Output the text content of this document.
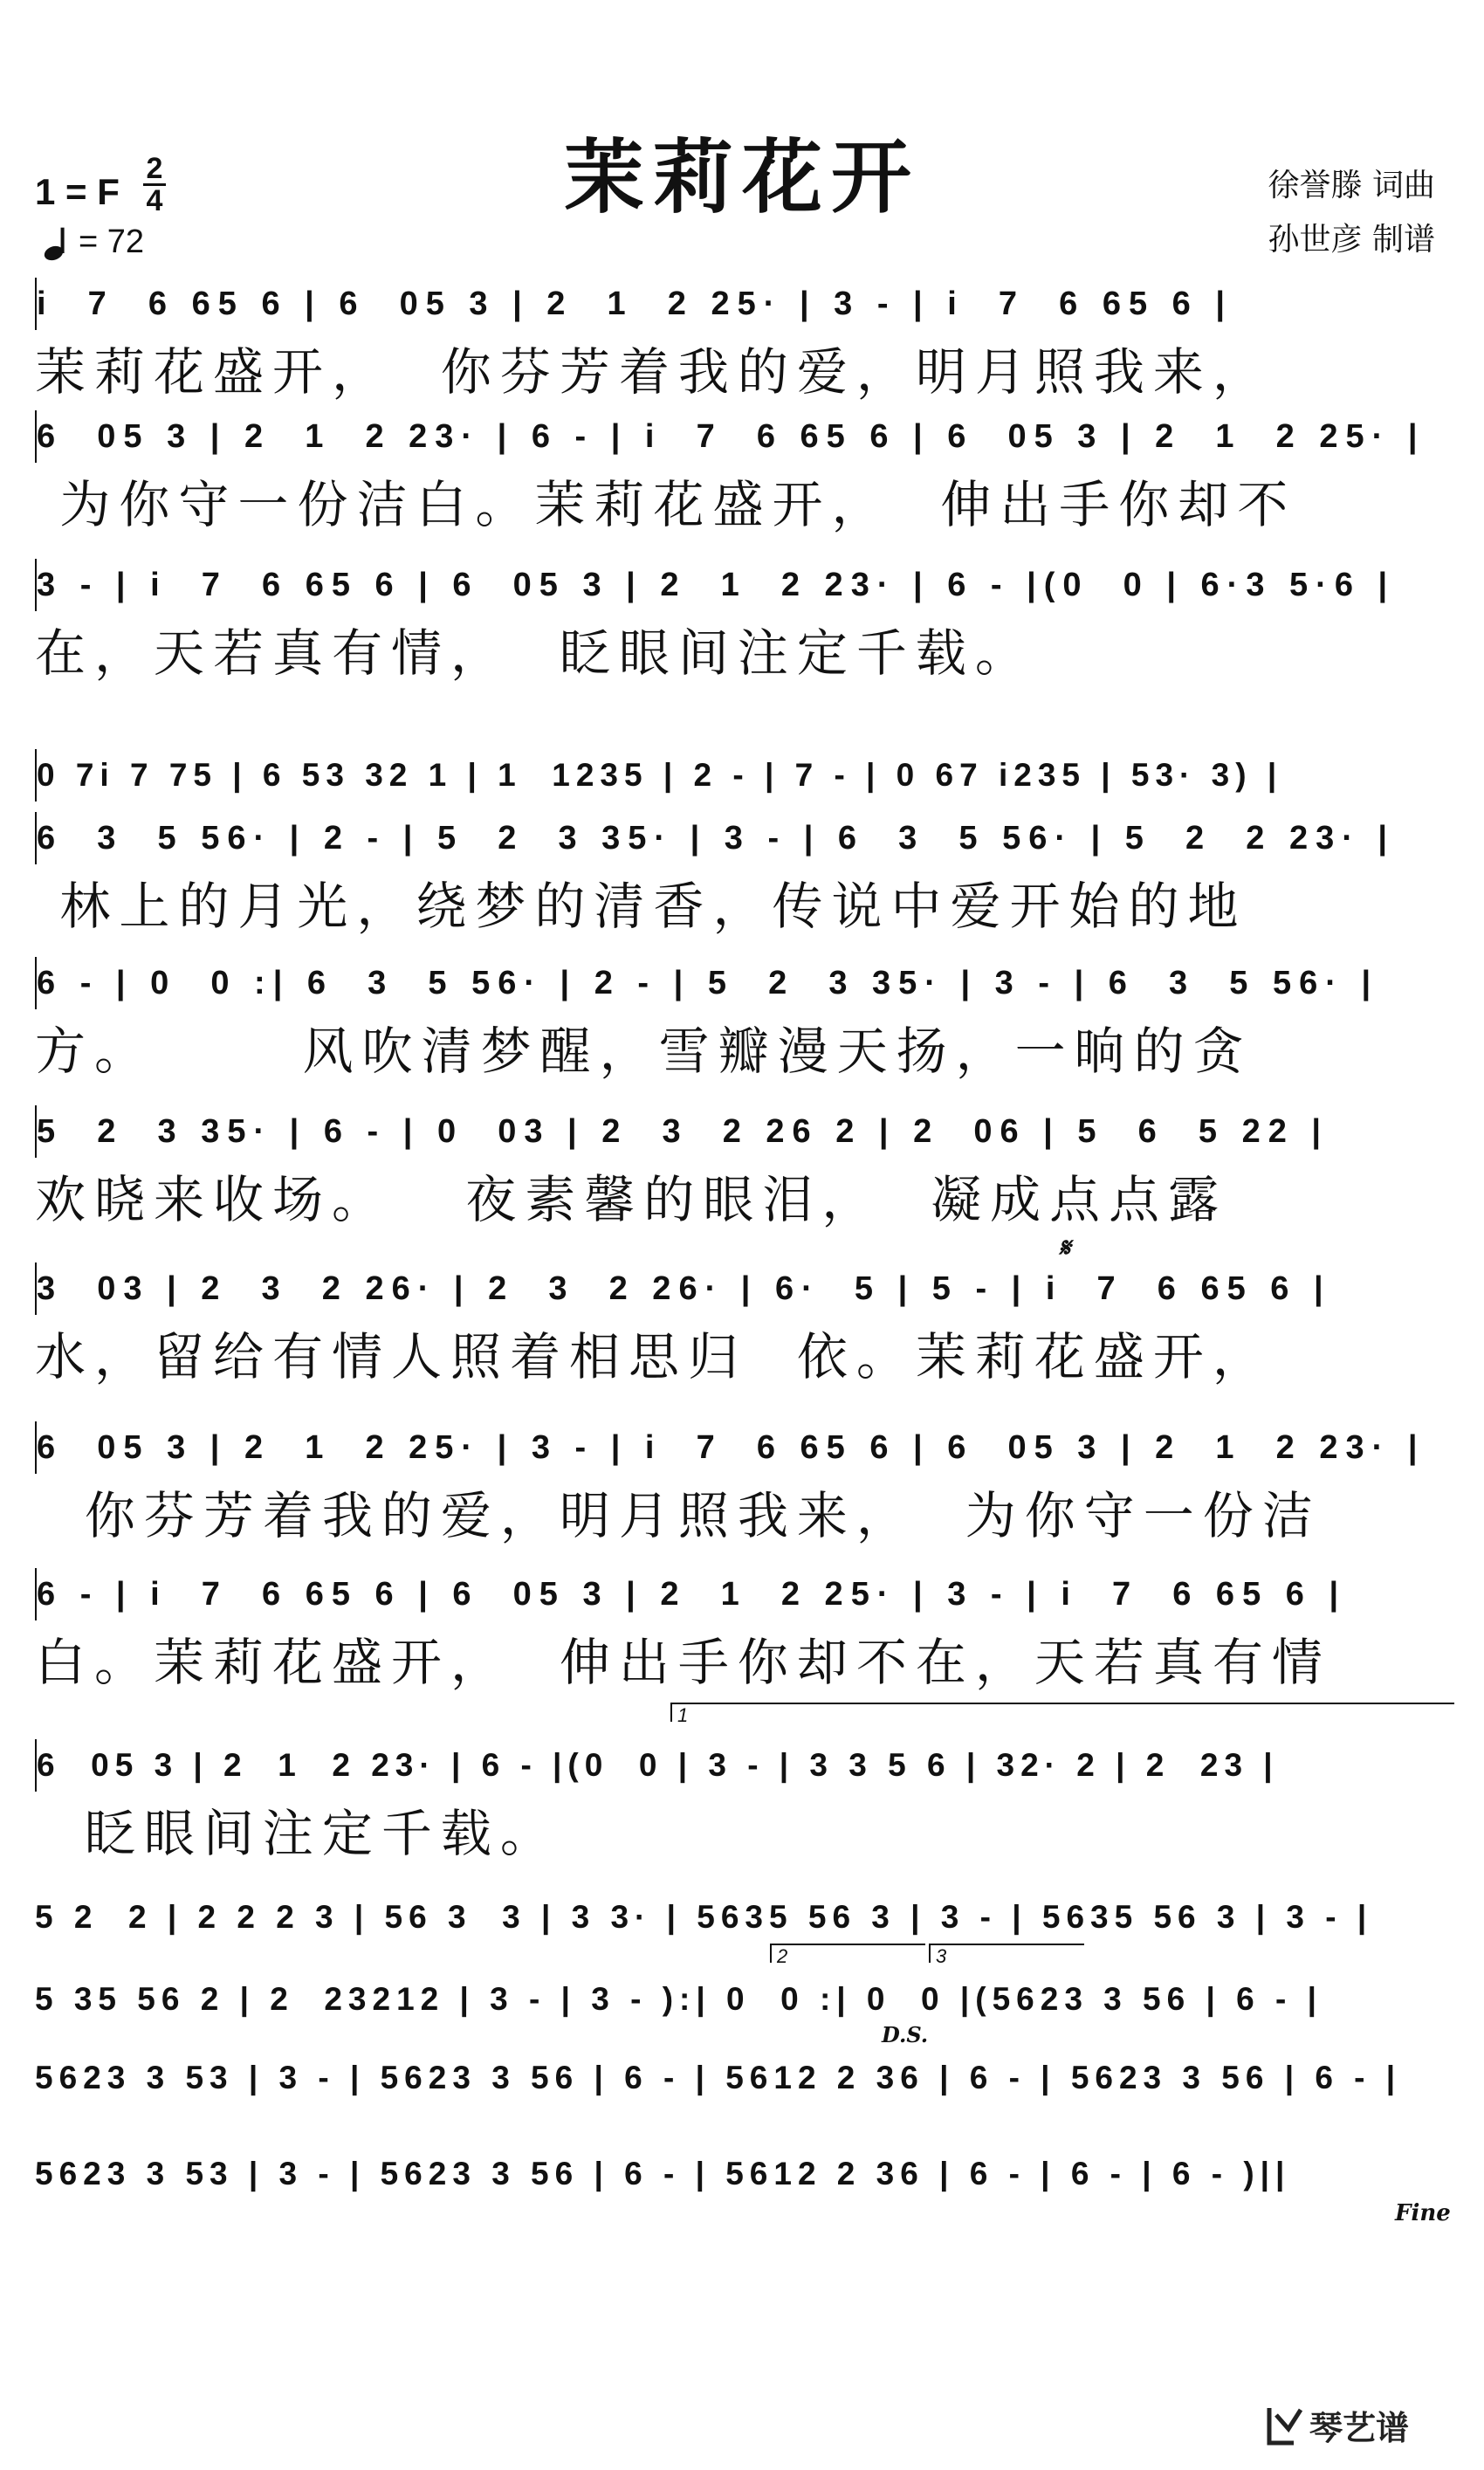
茉莉花开
1 = F
2
4
= 72
徐誉滕 词曲
孙世彦 制谱
i  7  6 65 6 | 6  05 3 | 2  1  2 25· | 3 - | i  7  6 65 6 |
茉莉花盛开，  你芬芳着我的爱，明月照我来，
6  05 3 | 2  1  2 23· | 6 - | i  7  6 65 6 | 6  05 3 | 2  1  2 25· |
为你守一份洁白。茉莉花盛开，  伸出手你却不
3 - | i  7  6 65 6 | 6  05 3 | 2  1  2 23· | 6 - |(0  0 | 6·3 5·6 |
在，天若真有情，  眨眼间注定千载。
0 7i 7 75 | 6 53 32 1 | 1  1235 | 2 - | 7 - | 0 67 i235 | 53· 3) |
6  3  5 56· | 2 - | 5  2  3 35· | 3 - | 6  3  5 56· | 5  2  2 23· |
林上的月光，绕梦的清香，传说中爱开始的地
6 - | 0  0 :| 6  3  5 56· | 2 - | 5  2  3 35· | 3 - | 6  3  5 56· |
方。      风吹清梦醒，雪瓣漫天扬，一晌的贪
5  2  3 35· | 6 - | 0  03 | 2  3  2 26 2 | 2  06 | 5  6  5 22 |
欢晓来收场。   夜素馨的眼泪，  凝成点点露
3  03 | 2  3  2 26· | 2  3  2 26· | 6·  5 | 5 - | i  7  6 65 6 |
水，留给有情人照着相思归  依。茉莉花盛开，
6  05 3 | 2  1  2 25· | 3 - | i  7  6 65 6 | 6  05 3 | 2  1  2 23· |
你芬芳着我的爱，明月照我来，  为你守一份洁
6 - | i  7  6 65 6 | 6  05 3 | 2  1  2 25· | 3 - | i  7  6 65 6 |
白。茉莉花盛开，  伸出手你却不在，天若真有情
6  05 3 | 2  1  2 23· | 6 - |(0  0 | 3 - | 3 3 5 6 | 32· 2 | 2  23 |
眨眼间注定千载。
5 2  2 | 2 2 2 3 | 56 3  3 | 3 3· | 5635 56 3 | 3 - | 5635 56 3 | 3 - |
5 35 56 2 | 2  23212 | 3 - | 3 - ):| 0  0 :| 0  0 |(5623 3 56 | 6 - |
5623 3 53 | 3 - | 5623 3 56 | 6 - | 5612 2 36 | 6 - | 5623 3 56 | 6 - |
5623 3 53 | 3 - | 5623 3 56 | 6 - | 5612 2 36 | 6 - | 6 - | 6 - )||
𝄋
D.S.
Fine
1
2	3
琴艺谱
